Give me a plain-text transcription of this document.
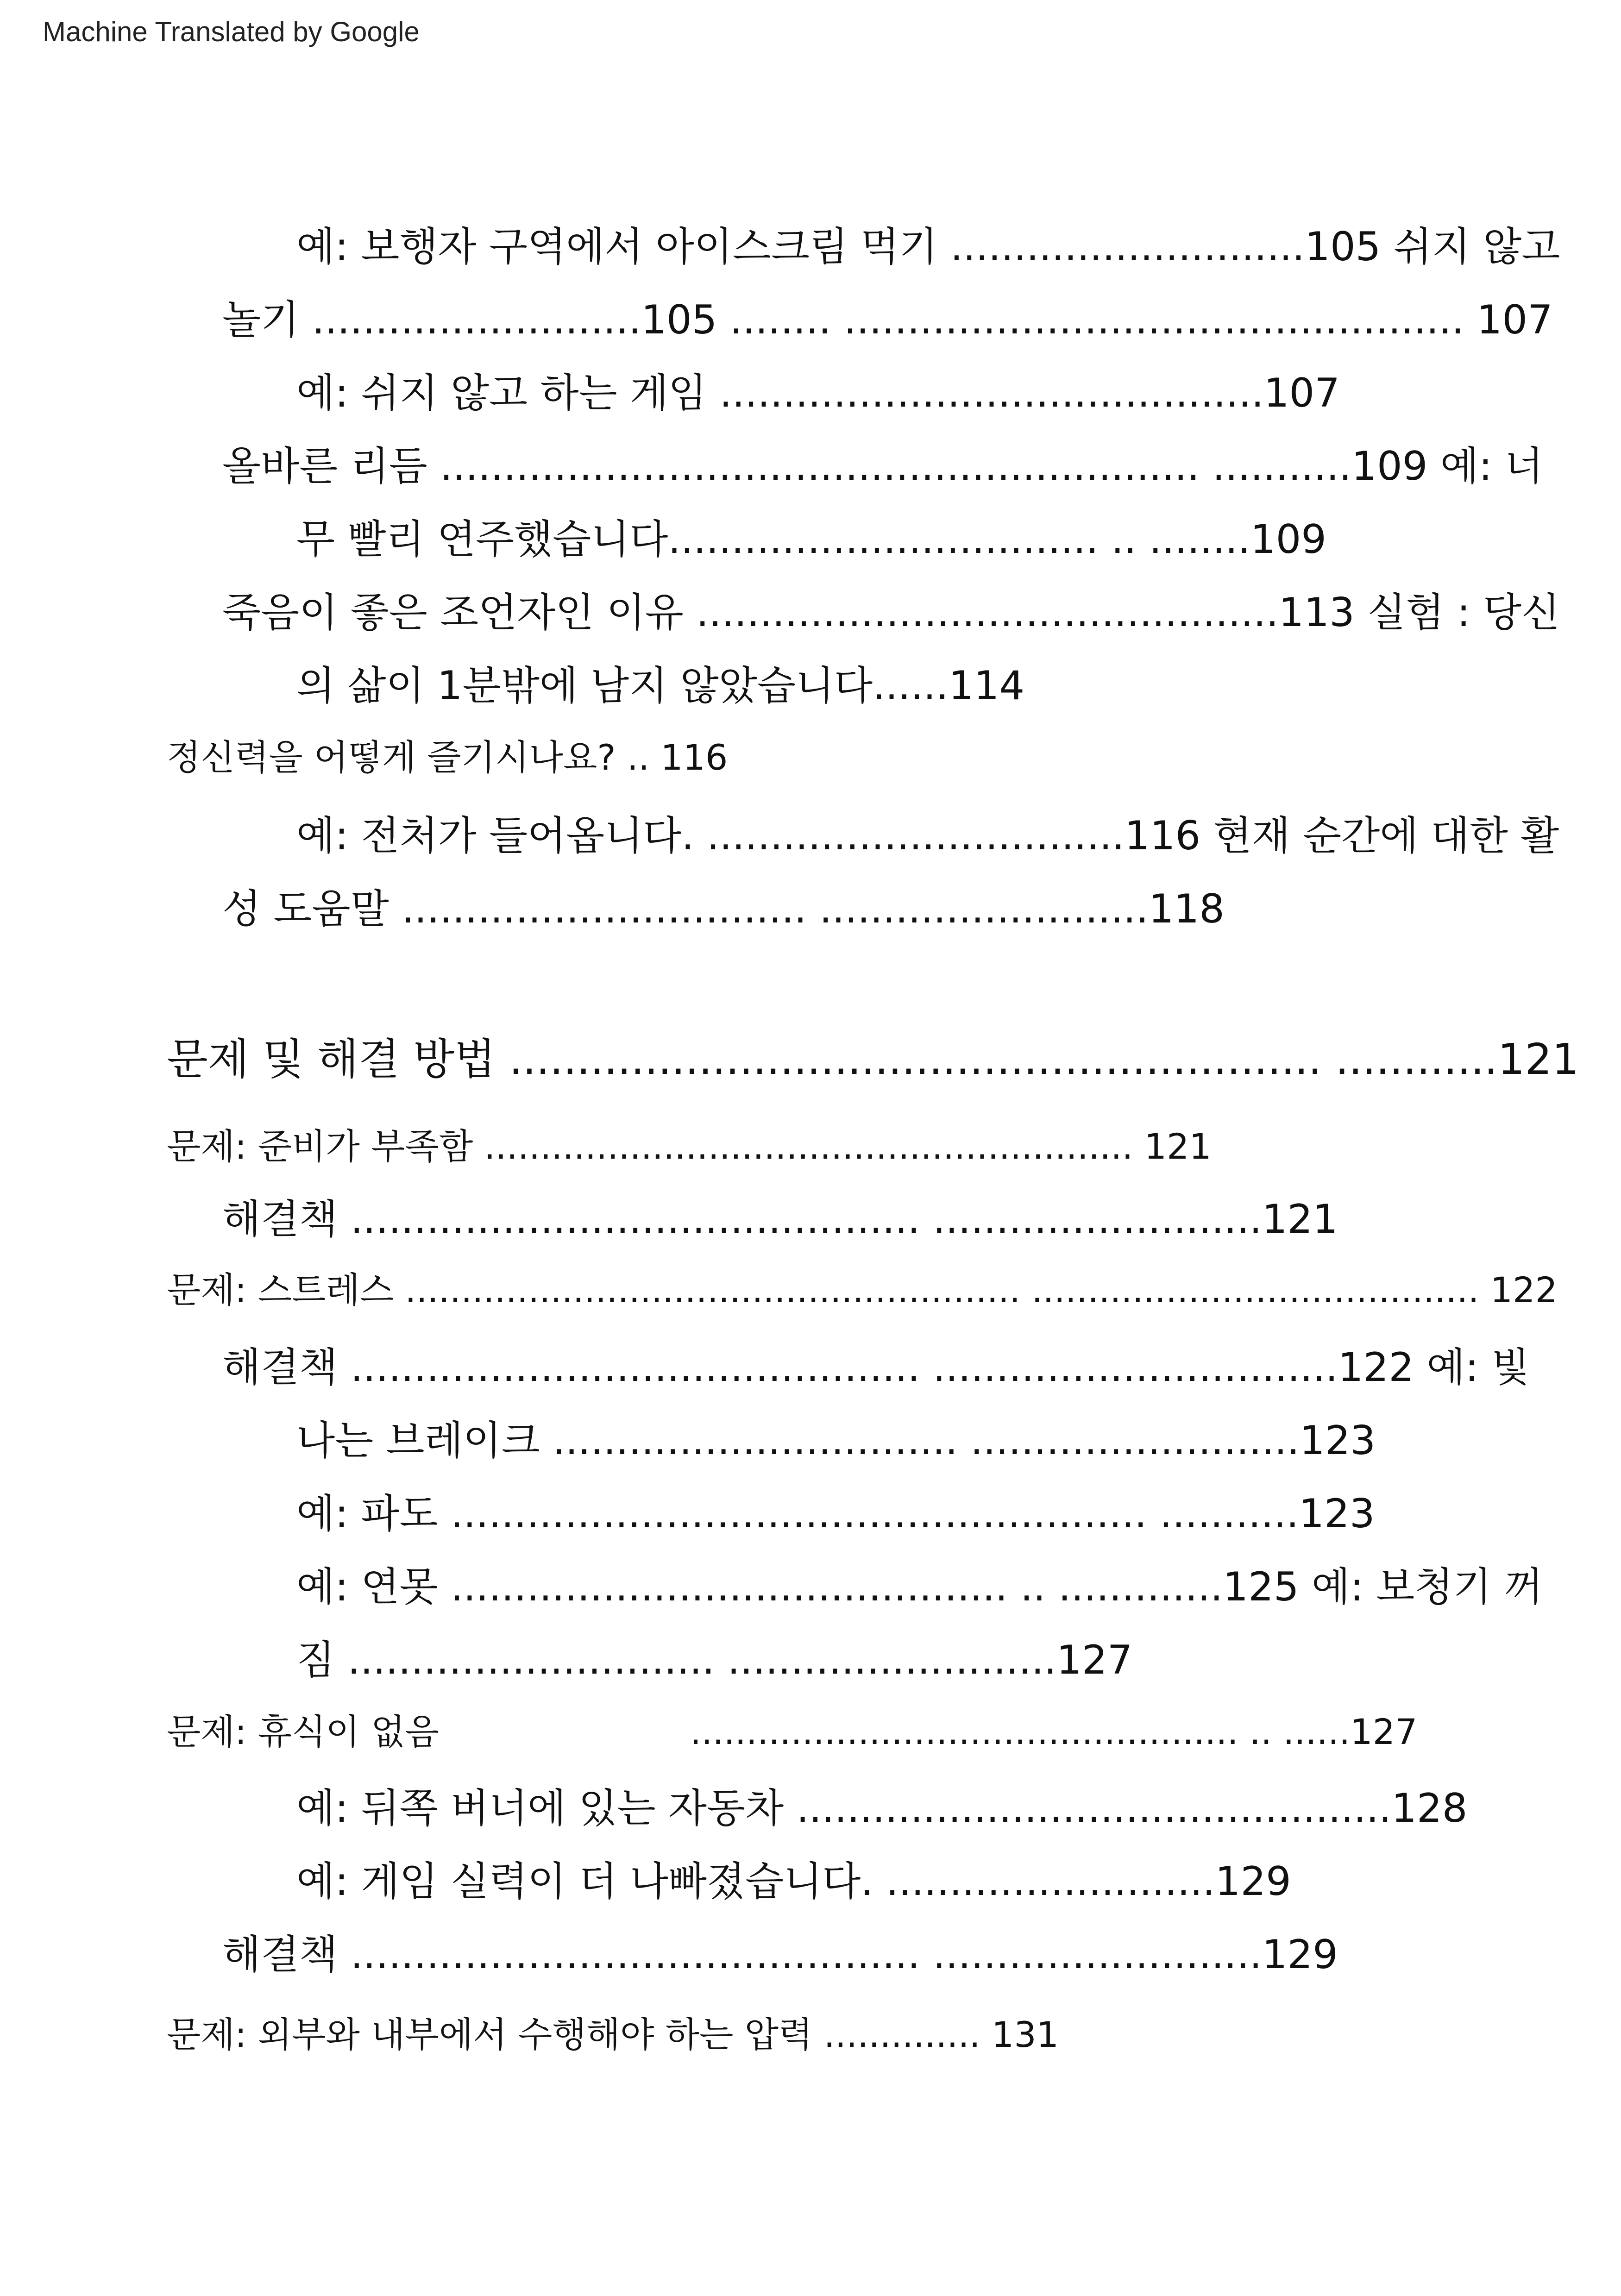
Machine Translated by Google
예: 보행자 구역에서 아이스크림 먹기 ............................105 쉬지 않고
놀기 ..........................105 ........ ................................................. 107
예: 쉬지 않고 하는 게임 ...........................................107
올바른 리듬 ............................................................ ...........109 예: 너
무 빨리 연주했습니다.................................. .. ........109
죽음이 좋은 조언자인 이유 ..............................................113 실험 : 당신
의 삶이 1분밖에 남지 않았습니다......114
정신력을 어떻게 즐기시나요? .. 116
예: 전처가 들어옵니다. .................................116 현재 순간에 대한 활
성 도움말 ................................ ..........................118
문제 및 해결 방법 ............................................................ ............121
문제: 준비가 부족함 .......................................................... 121
해결책 ............................................. ..........................121
문제: 스트레스 ....................................................... ........................................ 122
해결책 ............................................. ................................122 예: 빛
나는 브레이크 ................................ ..........................123
예: 파도 ....................................................... ...........123
예: 연못 ............................................ .. .............125 예: 보청기 꺼
짐 ............................. ..........................127
문제: 휴식이 없음	................................................. .. ......127
예: 뒤쪽 버너에 있는 자동차 ...............................................128
예: 게임 실력이 더 나빠졌습니다. ..........................129
해결책 ............................................. ..........................129
문제: 외부와 내부에서 수행해야 하는 압력 .............. 131
